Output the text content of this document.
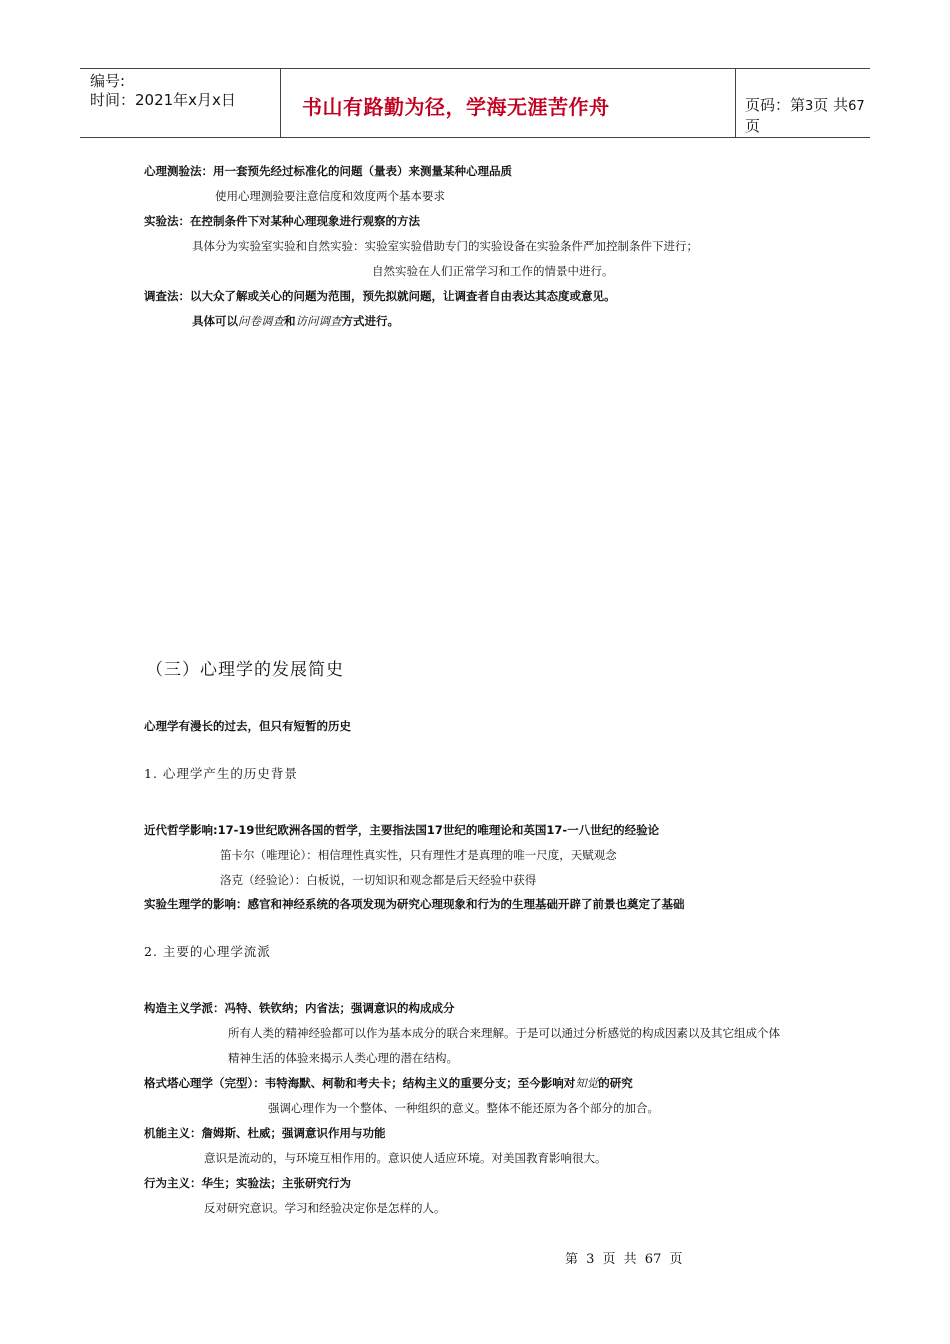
编号:
时间：2021年x月x日	书山有路勤为径，学海无涯苦作舟	页码：第3页 共67页
心理测验法：用一套预先经过标准化的问题（量表）来测量某种心理品质
使用心理测验要注意信度和效度两个基本要求
实验法：在控制条件下对某种心理现象进行观察的方法
具体分为实验室实验和自然实验：实验室实验借助专门的实验设备在实验条件严加控制条件下进行；
自然实验在人们正常学习和工作的情景中进行。
调查法：以大众了解或关心的问题为范围，预先拟就问题，让调查者自由表达其态度或意见。
具体可以问卷调查和访问调查方式进行。
（三）心理学的发展简史
心理学有漫长的过去，但只有短暂的历史
1. 心理学产生的历史背景
近代哲学影响:17-19世纪欧洲各国的哲学，主要指法国17世纪的唯理论和英国17-一八世纪的经验论
笛卡尔（唯理论）：相信理性真实性，只有理性才是真理的唯一尺度，天赋观念
洛克（经验论）：白板说，一切知识和观念都是后天经验中获得
实验生理学的影响：感官和神经系统的各项发现为研究心理现象和行为的生理基础开辟了前景也奠定了基础
2. 主要的心理学流派
构造主义学派：冯特、铁钦纳；内省法；强调意识的构成成分
所有人类的精神经验都可以作为基本成分的联合来理解。于是可以通过分析感觉的构成因素以及其它组成个体
精神生活的体验来揭示人类心理的潜在结构。
格式塔心理学（完型）：韦特海默、柯勒和考夫卡；结构主义的重要分支；至今影响对知觉的研究
强调心理作为一个整体、一种组织的意义。整体不能还原为各个部分的加合。
机能主义：詹姆斯、杜威；强调意识作用与功能
意识是流动的，与环境互相作用的。意识使人适应环境。对美国教育影响很大。
行为主义：华生；实验法；主张研究行为
反对研究意识。学习和经验决定你是怎样的人。
第 3 页 共 67 页
